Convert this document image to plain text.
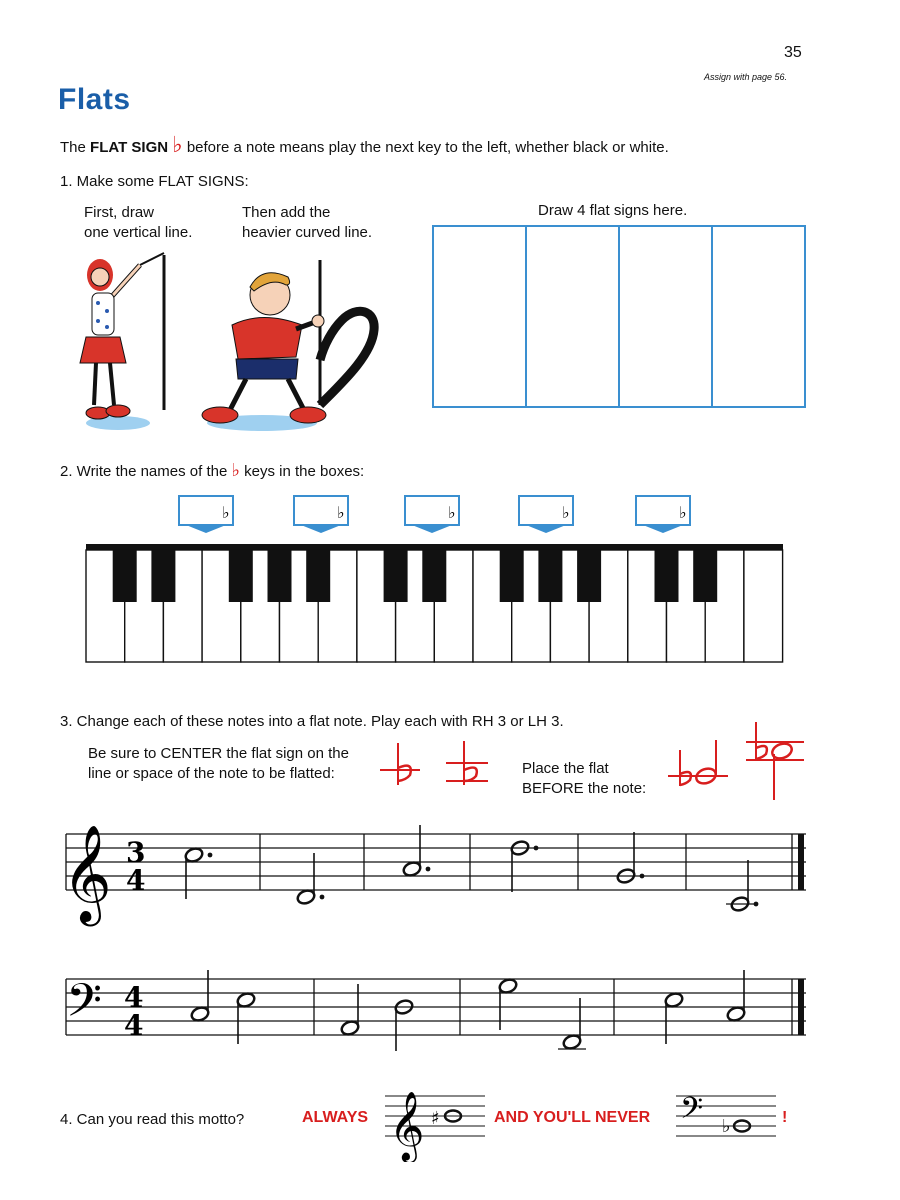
35
Assign with page 56.
Flats
The FLAT SIGN ♭ before a note means play the next key to the left, whether black or white.
1. Make some FLAT SIGNS:
First, draw
one vertical line.
Then add the
heavier curved line.
Draw 4 flat signs here.
2. Write the names of the ♭ keys in the boxes:
♭	♭	♭	♭	♭
3. Change each of these notes into a flat note. Play each with RH 3 or LH 3.
Be sure to CENTER the flat sign on the
line or space of the note to be flatted:	Place the flat
BEFORE the note:
𝄞 3
4
𝄢 4
4
4. Can you read this motto?	ALWAYS 𝄞 ♯	AND YOU'LL NEVER 𝄢 ♭	!
